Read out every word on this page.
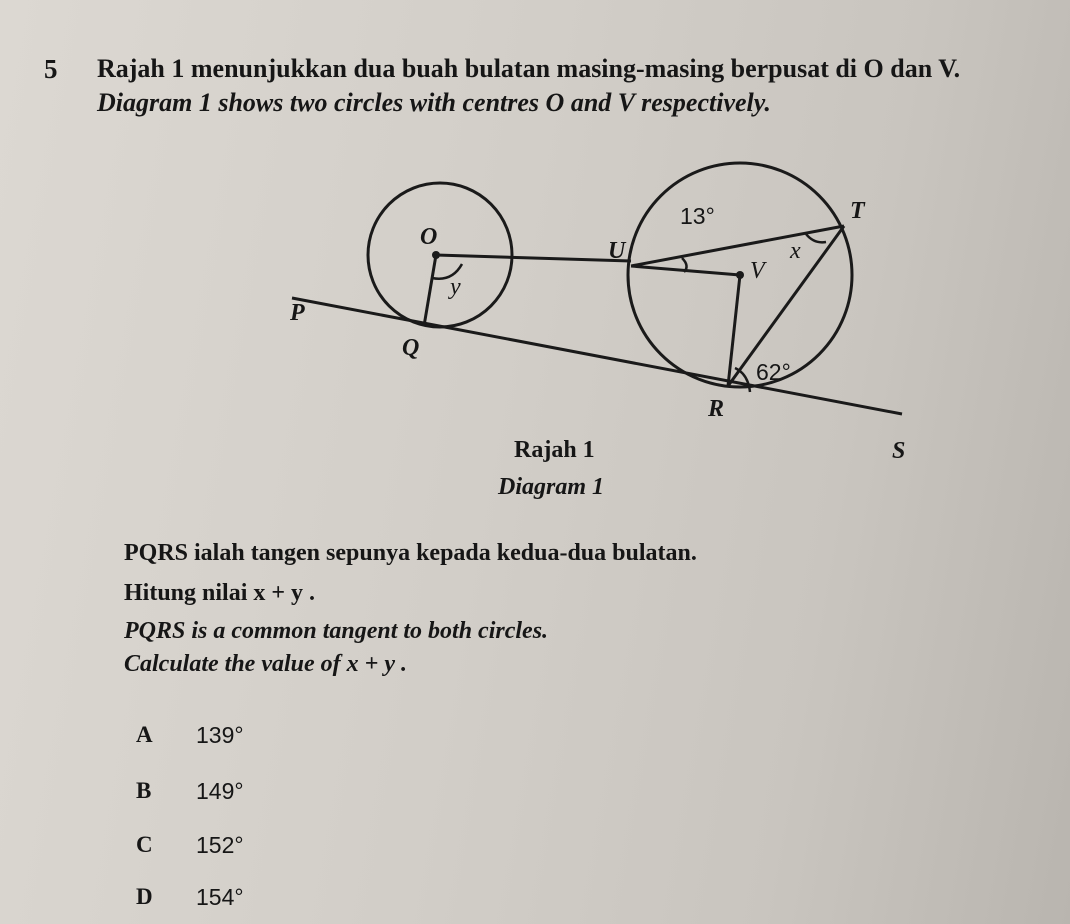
5 Rajah 1 menunjukkan dua buah bulatan masing-masing berpusat di O dan V.
Diagram 1 shows two circles with centres O and V respectively.
O
y
P
Q
U
13°	T
x
V
62°
R
S
Rajah 1
Diagram 1
PQRS ialah tangen sepunya kepada kedua-dua bulatan.
Hitung nilai x + y .
PQRS is a common tangent to both circles.
Calculate the value of x + y .
A 139°
B 149°
C 152°
D 154°
